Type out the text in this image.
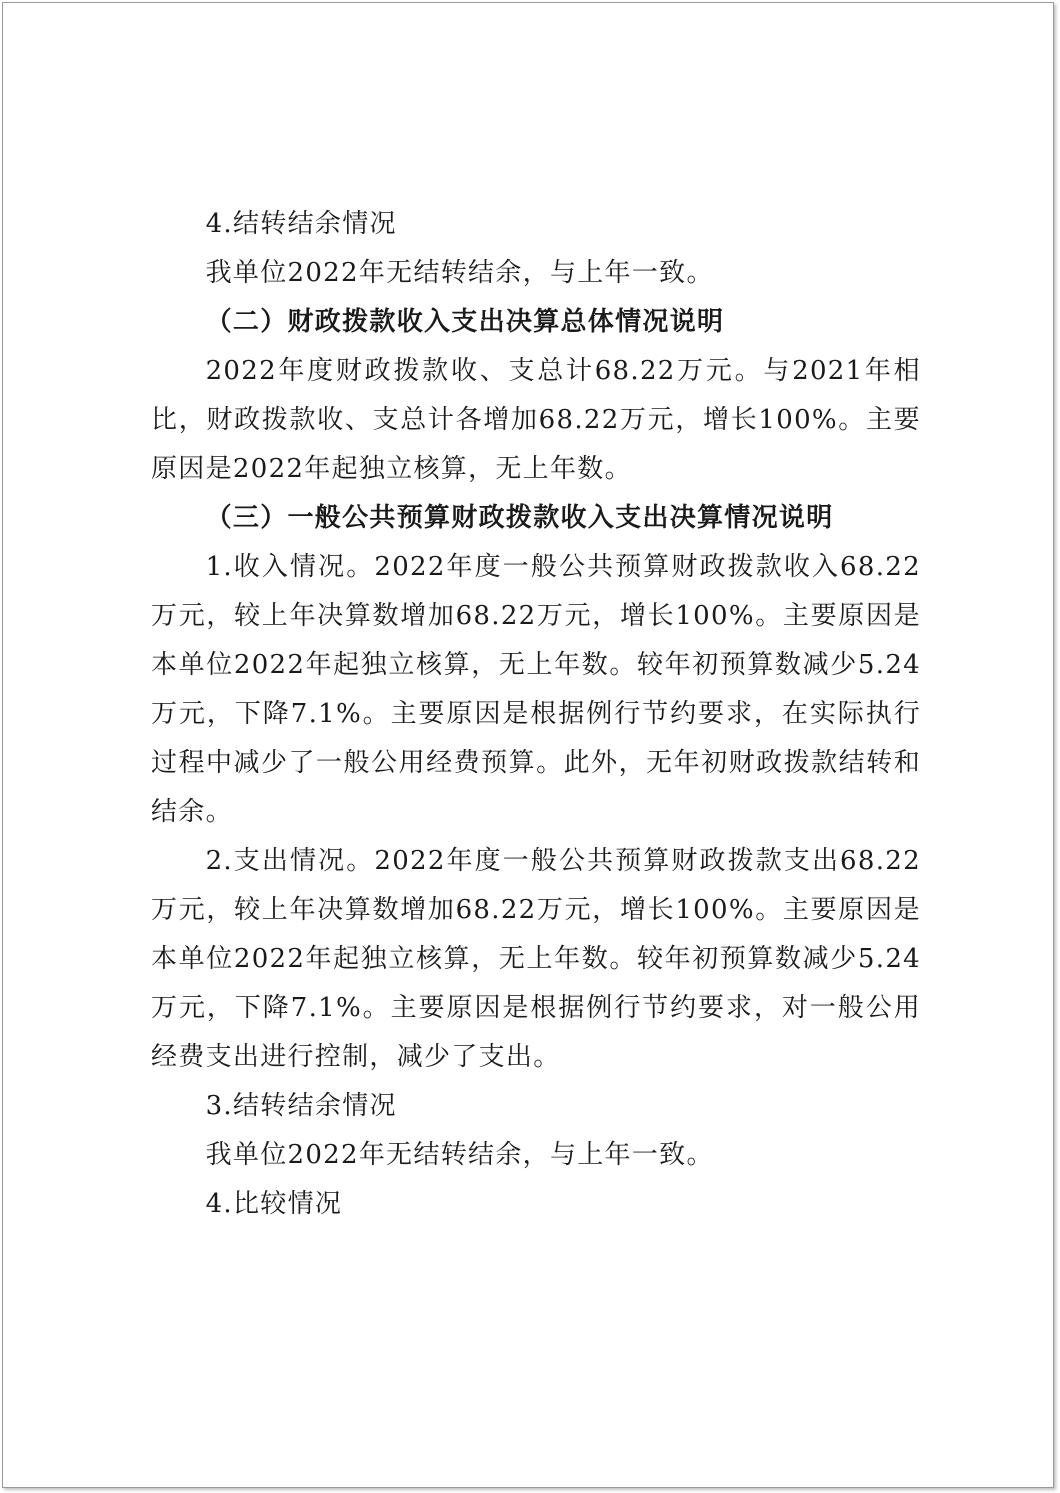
4.结转结余情况

我单位2022年无结转结余，与上年一致。

（二）财政拨款收入支出决算总体情况说明

2022年度财政拨款收、支总计68.22万元。与2021年相比，财政拨款收、支总计各增加68.22万元，增长100%。主要原因是2022年起独立核算，无上年数。

（三）一般公共预算财政拨款收入支出决算情况说明

1.收入情况。2022年度一般公共预算财政拨款收入68.22万元，较上年决算数增加68.22万元，增长100%。主要原因是本单位2022年起独立核算，无上年数。较年初预算数减少5.24万元，下降7.1%。主要原因是根据例行节约要求，在实际执行过程中减少了一般公用经费预算。此外，无年初财政拨款结转和结余。

2.支出情况。2022年度一般公共预算财政拨款支出68.22万元，较上年决算数增加68.22万元，增长100%。主要原因是本单位2022年起独立核算，无上年数。较年初预算数减少5.24万元，下降7.1%。主要原因是根据例行节约要求，对一般公用经费支出进行控制，减少了支出。

3.结转结余情况

我单位2022年无结转结余，与上年一致。

4.比较情况
